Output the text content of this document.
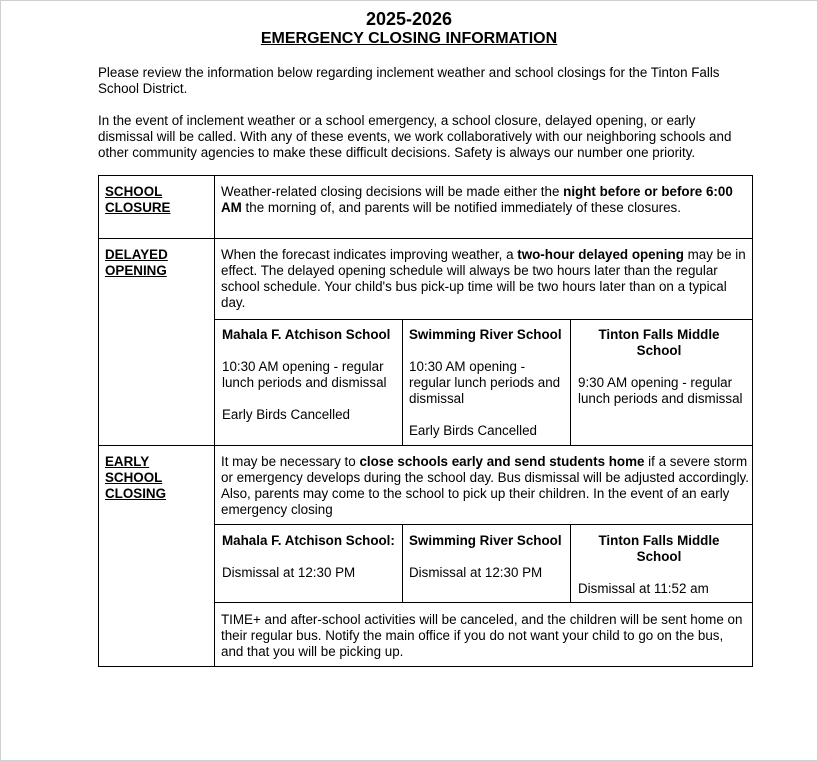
2025-2026
EMERGENCY CLOSING INFORMATION
Please review the information below regarding inclement weather and school closings for the Tinton Falls School District.
In the event of inclement weather or a school emergency, a school closure, delayed opening, or early dismissal will be called. With any of these events, we work collaboratively with our neighboring schools and other community agencies to make these difficult decisions. Safety is always our number one priority.
SCHOOL
CLOSURE
Weather-related closing decisions will be made either the night before or before 6:00 AM the morning of, and parents will be notified immediately of these closures.
DELAYED
OPENING
When the forecast indicates improving weather, a two-hour delayed opening may be in effect. The delayed opening schedule will always be two hours later than the regular school schedule. Your child's bus pick-up time will be two hours later than on a typical day.
Mahala F. Atchison School
10:30 AM opening - regular lunch periods and dismissal
Early Birds Cancelled
Swimming River School
10:30 AM opening - regular lunch periods and dismissal
Early Birds Cancelled
Tinton Falls Middle School
9:30 AM opening - regular lunch periods and dismissal
EARLY
SCHOOL
CLOSING
It may be necessary to close schools early and send students home if a severe storm or emergency develops during the school day. Bus dismissal will be adjusted accordingly. Also, parents may come to the school to pick up their children. In the event of an early emergency closing
Mahala F. Atchison School:
Dismissal at 12:30 PM
Swimming River School
Dismissal at 12:30 PM
Tinton Falls Middle School
Dismissal at 11:52 am
TIME+ and after-school activities will be canceled, and the children will be sent home on their regular bus. Notify the main office if you do not want your child to go on the bus, and that you will be picking up.
